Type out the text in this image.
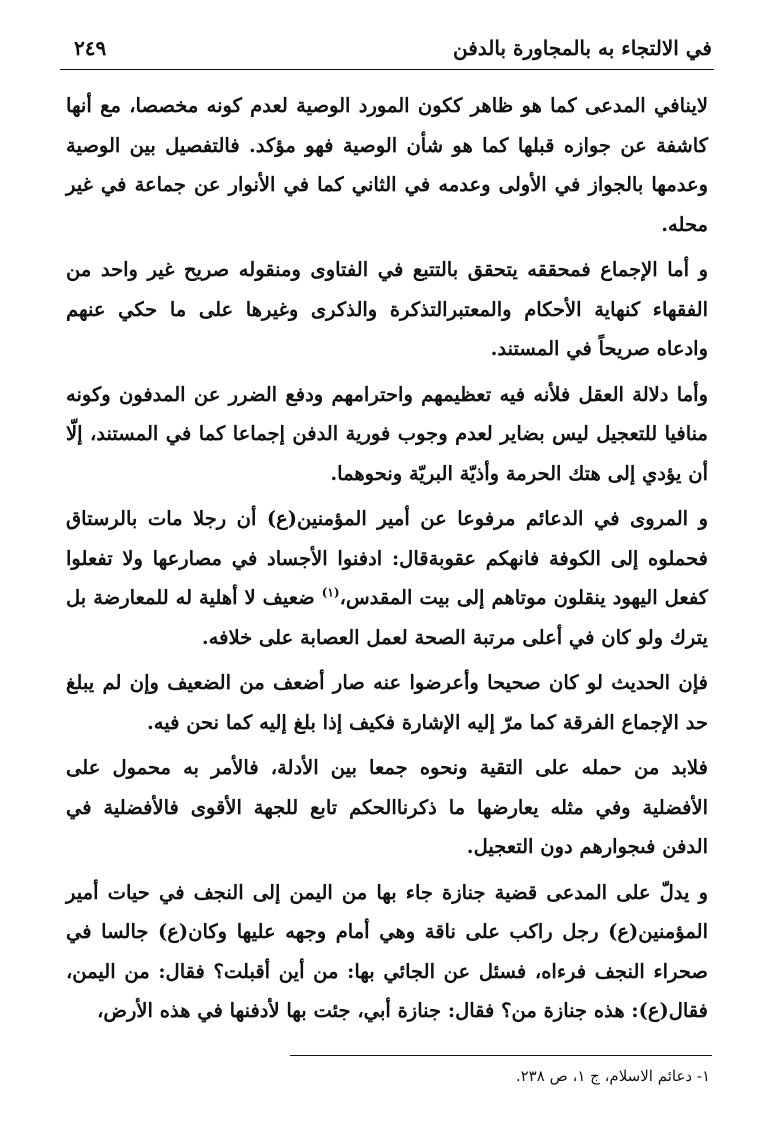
في الالتجاء به بالمجاورة بالدفن
٢٤٩

لاينافي المدعى كما هو ظاهر ككون المورد الوصية لعدم كونه مخصصا، مع أنها كاشفة عن جوازه قبلها كما هو شأن الوصية فهو مؤكد. فالتفصيل بين الوصية وعدمها بالجواز في الأولى وعدمه في الثاني كما في الأنوار عن جماعة في غير محله.

و أما الإجماع فمحققه يتحقق بالتتبع في الفتاوى ومنقوله صريح غير واحد من الفقهاء كنهاية الأحكام والمعتبرالتذكرة والذكرى وغيرها على ما حكي عنهم وادعاه صريحاً في المستند.

وأما دلالة العقل فلأنه فيه تعظيمهم واحترامهم ودفع الضرر عن المدفون وكونه منافيا للتعجيل ليس بضاير لعدم وجوب فورية الدفن إجماعا كما في المستند، إلّا أن يؤدي إلى هتك الحرمة وأذيّة البريّة ونحوهما.

و المروى في الدعائم مرفوعا عن أمير المؤمنين(ع) أن رجلا مات بالرستاق فحملوه إلى الكوفة فانهكم عقوبةقال: ادفنوا الأجساد في مصارعها ولا تفعلوا كفعل اليهود ينقلون موتاهم إلى بيت المقدس،$^{(١)}$ ضعيف لا أهلية له للمعارضة بل يترك ولو كان في أعلى مرتبة الصحة لعمل العصابة على خلافه.

فإن الحديث لو كان صحيحا وأعرضوا عنه صار أضعف من الضعيف وإن لم يبلغ حد الإجماع الفرقة كما مرّ إليه الإشارة فكيف إذا بلغ إليه كما نحن فيه.

فلابد من حمله على التقية ونحوه جمعا بين الأدلة، فالأمر به محمول على الأفضلية وفي مثله يعارضها ما ذكرناالحكم تابع للجهة الأقوى فالأفضلية في الدفن فىجوارهم دون التعجيل.

و يدلّ على المدعى قضية جنازة جاء بها من اليمن إلى النجف في حيات أمير المؤمنين(ع) رجل راكب على ناقة وهي أمام وجهه عليها وكان(ع) جالسا في صحراء النجف فرءاه، فسئل عن الجائي بها: من أين أقبلت؟ فقال: من اليمن، فقال(ع): هذه جنازة من؟ فقال: جنازة أبي، جئت بها لأدفنها في هذه الأرض،

١- دعائم الاسلام، ج ١، ص ٢٣٨.
